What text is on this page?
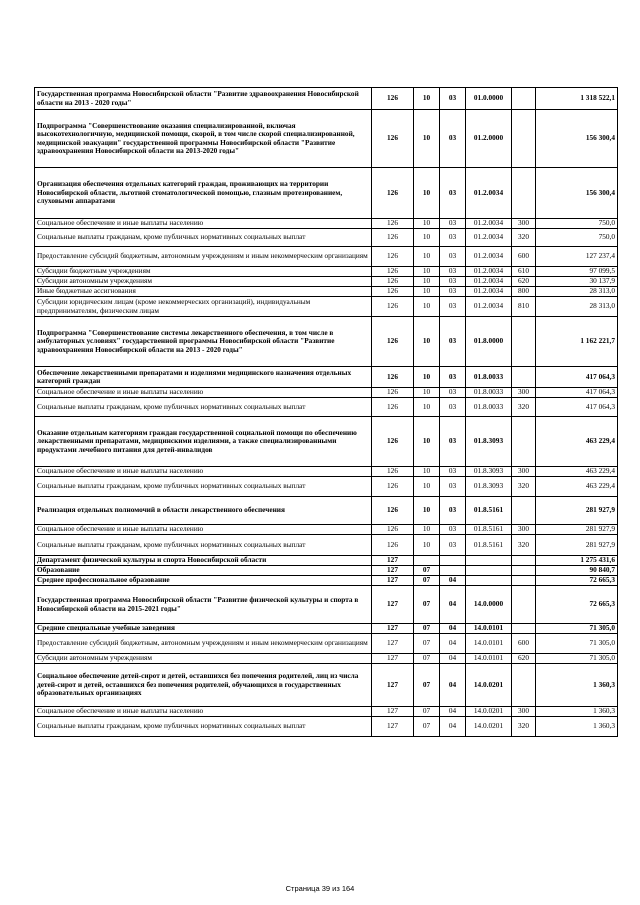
Государственная программа Новосибирской области "Развитие здравоохранения Новосибирской области на 2013 - 2020 годы"	126	10	03	01.0.0000		1 318 522,1
Подпрограмма "Совершенствование оказания специализированной, включая высокотехнологичную, медицинской помощи, скорой, в том числе скорой специализированной, медицинской эвакуации" государственной программы Новосибирской области "Развитие здравоохранения Новосибирской области на 2013-2020 годы"	126	10	03	01.2.0000		156 300,4
Организация обеспечения отдельных категорий граждан, проживающих на территории Новосибирской области, льготной стоматологической помощью, глазным протезированием, слуховыми аппаратами	126	10	03	01.2.0034		156 300,4
Социальное обеспечение и иные выплаты населению	126	10	03	01.2.0034	300	750,0
Социальные выплаты гражданам, кроме публичных нормативных социальных выплат	126	10	03	01.2.0034	320	750,0
Предоставление субсидий бюджетным, автономным учреждениям и иным некоммерческим организациям	126	10	03	01.2.0034	600	127 237,4
Субсидии бюджетным учреждениям	126	10	03	01.2.0034	610	97 099,5
Субсидии автономным учреждениям	126	10	03	01.2.0034	620	30 137,9
Иные бюджетные ассигнования	126	10	03	01.2.0034	800	28 313,0
Субсидии юридическим лицам (кроме некоммерческих организаций), индивидуальным предпринимателям, физическим лицам	126	10	03	01.2.0034	810	28 313,0
Подпрограмма "Совершенствование системы лекарственного обеспечения, в том числе в амбулаторных условиях" государственной программы Новосибирской области "Развитие здравоохранения Новосибирской области на 2013 - 2020 годы"	126	10	03	01.8.0000		1 162 221,7
Обеспечение лекарственными препаратами и изделиями медицинского назначения отдельных категорий граждан	126	10	03	01.8.0033		417 064,3
Социальное обеспечение и иные выплаты населению	126	10	03	01.8.0033	300	417 064,3
Социальные выплаты гражданам, кроме публичных нормативных социальных выплат	126	10	03	01.8.0033	320	417 064,3
Оказание отдельным категориям граждан государственной социальной помощи по обеспечению лекарственными препаратами, медицинскими изделиями, а также специализированными продуктами лечебного питания для детей-инвалидов	126	10	03	01.8.3093		463 229,4
Социальное обеспечение и иные выплаты населению	126	10	03	01.8.3093	300	463 229,4
Социальные выплаты гражданам, кроме публичных нормативных социальных выплат	126	10	03	01.8.3093	320	463 229,4
Реализация отдельных полномочий в области лекарственного обеспечения	126	10	03	01.8.5161		281 927,9
Социальное обеспечение и иные выплаты населению	126	10	03	01.8.5161	300	281 927,9
Социальные выплаты гражданам, кроме публичных нормативных социальных выплат	126	10	03	01.8.5161	320	281 927,9
Департамент физической культуры и спорта Новосибирской области	127					1 275 431,6
Образование	127	07				90 840,7
Среднее профессиональное образование	127	07	04			72 665,3
Государственная программа Новосибирской области "Развитие физической культуры и спорта в Новосибирской области на 2015-2021 годы"	127	07	04	14.0.0000		72 665,3
Средние специальные учебные заведения	127	07	04	14.0.0101		71 305,0
Предоставление субсидий бюджетным, автономным учреждениям и иным некоммерческим организациям	127	07	04	14.0.0101	600	71 305,0
Субсидии автономным учреждениям	127	07	04	14.0.0101	620	71 305,0
Социальное обеспечение детей-сирот и детей, оставшихся без попечения родителей, лиц из числа детей-сирот и детей, оставшихся без попечения родителей, обучающихся в государственных образовательных организациях	127	07	04	14.0.0201		1 360,3
Социальное обеспечение и иные выплаты населению	127	07	04	14.0.0201	300	1 360,3
Социальные выплаты гражданам, кроме публичных нормативных социальных выплат	127	07	04	14.0.0201	320	1 360,3
Страница 39 из 164
